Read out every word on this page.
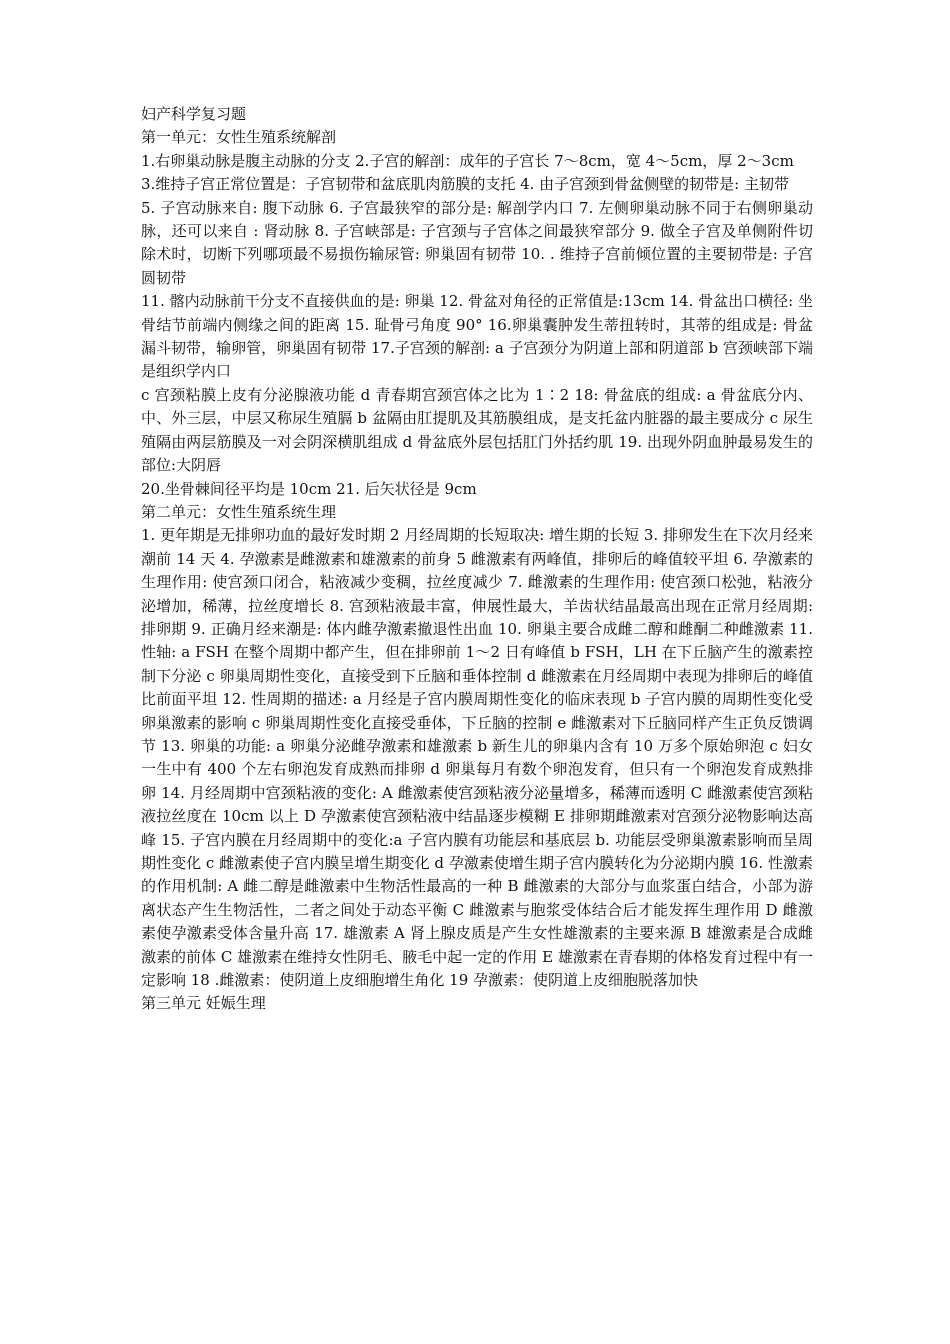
妇产科学复习题

第一单元：女性生殖系统解剖

1.右卵巢动脉是腹主动脉的分支 2.子宫的解剖：成年的子宫长 7～8cm，宽 4～5cm，厚 2～3cm

3.维持子宫正常位置是：子宫韧带和盆底肌肉筋膜的支托 4. 由子宫颈到骨盆侧壁的韧带是: 主韧带

5. 子宫动脉来自: 腹下动脉 6. 子宫最狭窄的部分是: 解剖学内口 7. 左侧卵巢动脉不同于右侧卵巢动脉，还可以来自 : 肾动脉 8. 子宫峡部是: 子宫颈与子宫体之间最狭窄部分 9. 做全子宫及单侧附件切除术时，切断下列哪项最不易损伤输尿管: 卵巢固有韧带 10. . 维持子宫前倾位置的主要韧带是: 子宫圆韧带

11. 髂内动脉前干分支不直接供血的是: 卵巢 12. 骨盆对角径的正常值是:13cm 14. 骨盆出口横径: 坐骨结节前端内侧缘之间的距离 15. 耻骨弓角度 90° 16.卵巢囊肿发生蒂扭转时，其蒂的组成是: 骨盆漏斗韧带，输卵管，卵巢固有韧带 17.子宫颈的解剖: a 子宫颈分为阴道上部和阴道部 b 宫颈峡部下端是组织学内口

c 宫颈粘膜上皮有分泌腺液功能 d 青春期宫颈宫体之比为 1∶2 18: 骨盆底的组成: a 骨盆底分内、中、外三层，中层又称尿生殖膈 b 盆隔由肛提肌及其筋膜组成，是支托盆内脏器的最主要成分 c 尿生殖隔由两层筋膜及一对会阴深横肌组成 d 骨盆底外层包括肛门外括约肌 19. 出现外阴血肿最易发生的部位:大阴唇

20.坐骨棘间径平均是 10cm 21. 后矢状径是 9cm

第二单元：女性生殖系统生理

1. 更年期是无排卵功血的最好发时期 2 月经周期的长短取决: 增生期的长短 3. 排卵发生在下次月经来潮前 14 天 4. 孕激素是雌激素和雄激素的前身 5 雌激素有两峰值，排卵后的峰值较平坦 6. 孕激素的生理作用: 使宫颈口闭合，粘液减少变稠，拉丝度减少 7. 雌激素的生理作用: 使宫颈口松弛，粘液分泌增加，稀薄，拉丝度增长 8. 宫颈粘液最丰富，伸展性最大，羊齿状结晶最高出现在正常月经周期: 排卵期 9. 正确月经来潮是: 体内雌孕激素撤退性出血 10. 卵巢主要合成雌二醇和雌酮二种雌激素 11. 性轴: a FSH 在整个周期中都产生，但在排卵前 1～2 日有峰值 b FSH，LH 在下丘脑产生的激素控制下分泌 c 卵巢周期性变化，直接受到下丘脑和垂体控制 d 雌激素在月经周期中表现为排卵后的峰值比前面平坦 12. 性周期的描述: a 月经是子宫内膜周期性变化的临床表现 b 子宫内膜的周期性变化受卵巢激素的影响 c 卵巢周期性变化直接受垂体，下丘脑的控制 e 雌激素对下丘脑同样产生正负反馈调节 13. 卵巢的功能: a 卵巢分泌雌孕激素和雄激素 b 新生儿的卵巢内含有 10 万多个原始卵泡 c 妇女一生中有 400 个左右卵泡发育成熟而排卵 d 卵巢每月有数个卵泡发育，但只有一个卵泡发育成熟排卵 14. 月经周期中宫颈粘液的变化: A 雌激素使宫颈粘液分泌量增多，稀薄而透明 C 雌激素使宫颈粘液拉丝度在 10cm 以上 D 孕激素使宫颈粘液中结晶逐步模糊 E 排卵期雌激素对宫颈分泌物影响达高峰 15. 子宫内膜在月经周期中的变化:a 子宫内膜有功能层和基底层 b. 功能层受卵巢激素影响而呈周期性变化 c 雌激素使子宫内膜呈增生期变化 d 孕激素使增生期子宫内膜转化为分泌期内膜 16. 性激素的作用机制: A 雌二醇是雌激素中生物活性最高的一种 B 雌激素的大部分与血浆蛋白结合，小部为游离状态产生生物活性，二者之间处于动态平衡 C 雌激素与胞浆受体结合后才能发挥生理作用 D 雌激素使孕激素受体含量升高 17. 雄激素 A 肾上腺皮质是产生女性雄激素的主要来源 B 雄激素是合成雌激素的前体 C 雄激素在维持女性阴毛、腋毛中起一定的作用 E 雄激素在青春期的体格发育过程中有一定影响 18 .雌激素：使阴道上皮细胞增生角化 19 孕激素：使阴道上皮细胞脱落加快

第三单元 妊娠生理
